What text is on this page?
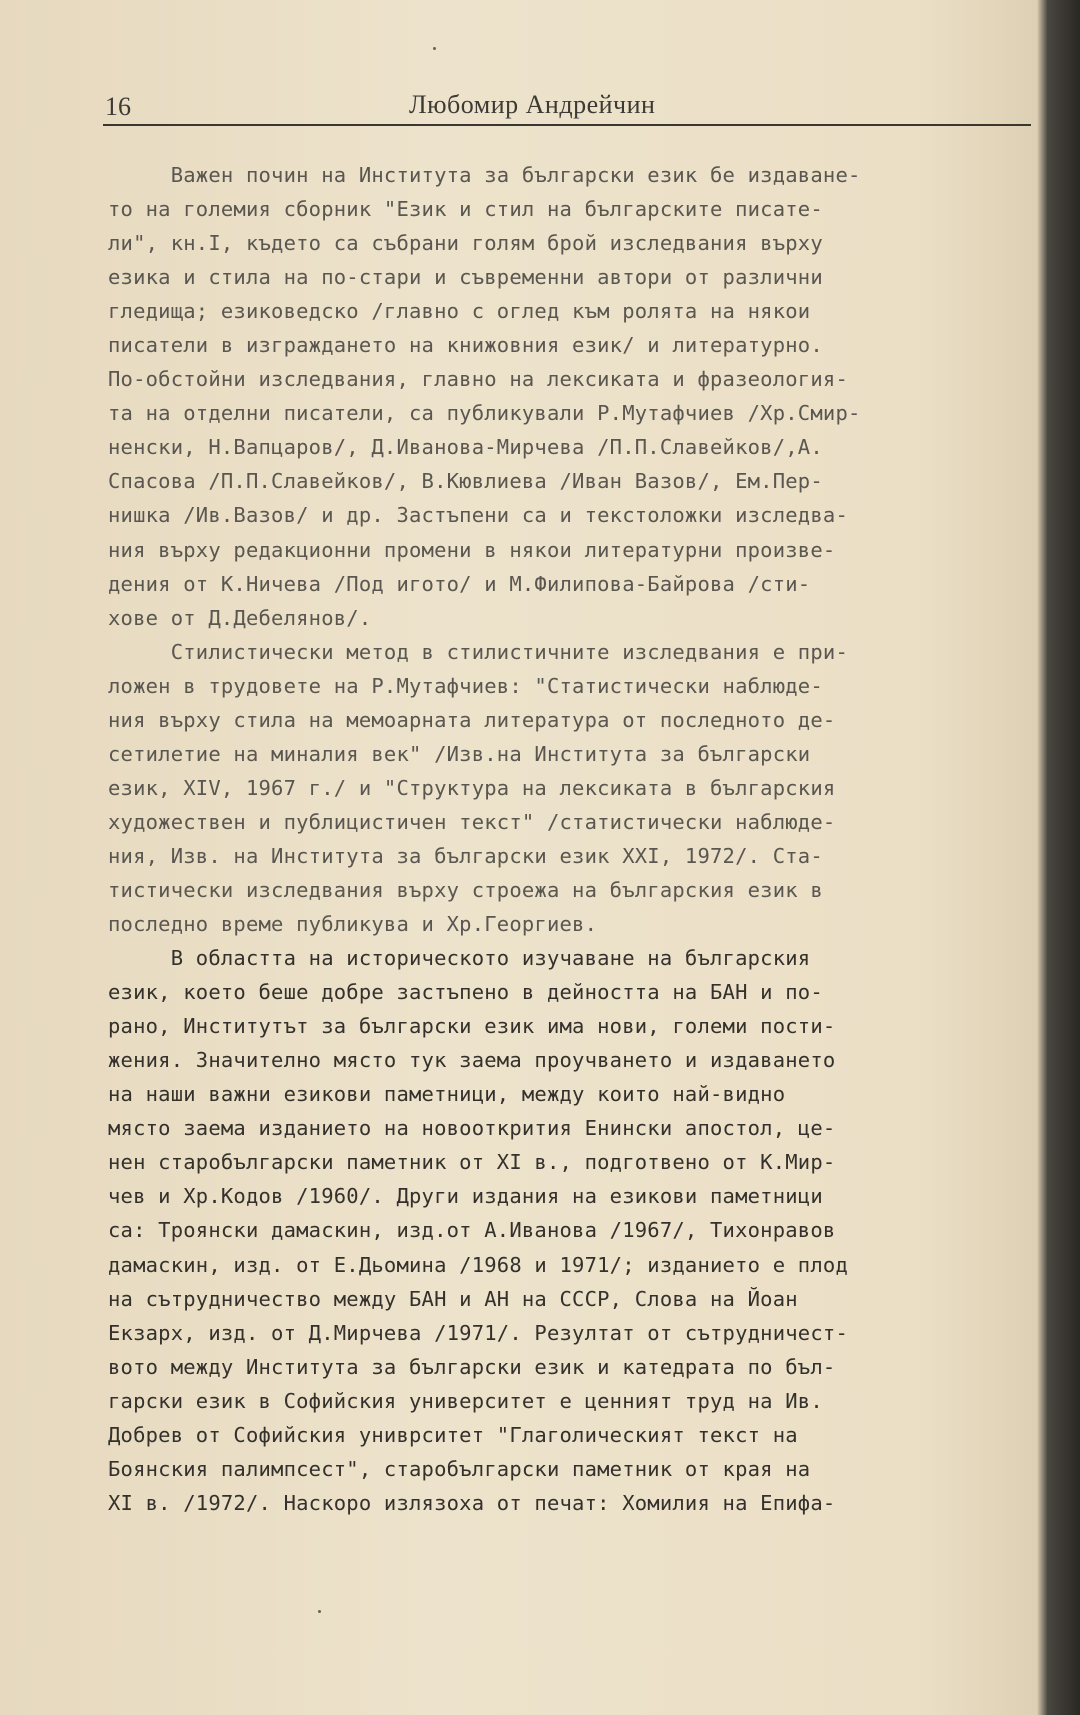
16	Любомир Андрейчин
Важен почин на Института за български език бе издаване-
то на големия сборник "Език и стил на българските писате-
ли", кн.I, където са събрани голям брой изследвания върху
езика и стила на по-стари и съвременни автори от различни
гледища; езиковедско /главно с оглед към ролята на някои
писатели в изграждането на книжовния език/ и литературно.
По-обстойни изследвания, главно на лексиката и фразеология-
та на отделни писатели, са публикували Р.Мутафчиев /Хр.Смир-
ненски, Н.Вапцаров/, Д.Иванова-Мирчева /П.П.Славейков/,А.
Спасова /П.П.Славейков/, В.Кювлиева /Иван Вазов/, Ем.Пер-
нишка /Ив.Вазов/ и др. Застъпени са и текстоложки изследва-
ния върху редакционни промени в някои литературни произве-
дения от К.Ничева /Под игото/ и М.Филипова-Байрова /сти-
хове от Д.Дебелянов/.
Стилистически метод в стилистичните изследвания е при-
ложен в трудовете на Р.Мутафчиев: "Статистически наблюде-
ния върху стила на мемоарната литература от последното де-
сетилетие на миналия век" /Изв.на Института за български
език, XIV, 1967 г./ и "Структура на лексиката в българския
художествен и публицистичен текст" /статистически наблюде-
ния, Изв. на Института за български език XXI, 1972/. Ста-
тистически изследвания върху строежа на българския език в
последно време публикува и Хр.Георгиев.
В областта на историческото изучаване на българския
език, което беше добре застъпено в дейността на БАН и по-
рано, Институтът за български език има нови, големи пости-
жения. Значително място тук заема проучването и издаването
на наши важни езикови паметници, между които най-видно
място заема изданието на новооткрития Енински апостол, це-
нен старобългарски паметник от XI в., подготвено от К.Мир-
чев и Хр.Кодов /1960/. Други издания на езикови паметници
са: Троянски дамаскин, изд.от А.Иванова /1967/, Тихонравов
дамаскин, изд. от Е.Дьомина /1968 и 1971/; изданието е плод
на сътрудничество между БАН и АН на СССР, Слова на Йоан
Екзарх, изд. от Д.Мирчева /1971/. Резултат от сътрудничест-
вото между Института за български език и катедрата по бъл-
гарски език в Софийския университет е ценният труд на Ив.
Добрев от Софийския униврситет "Глаголическият текст на
Боянския палимпсест", старобългарски паметник от края на
XI в. /1972/. Наскоро излязоха от печат: Хомилия на Епифа-
